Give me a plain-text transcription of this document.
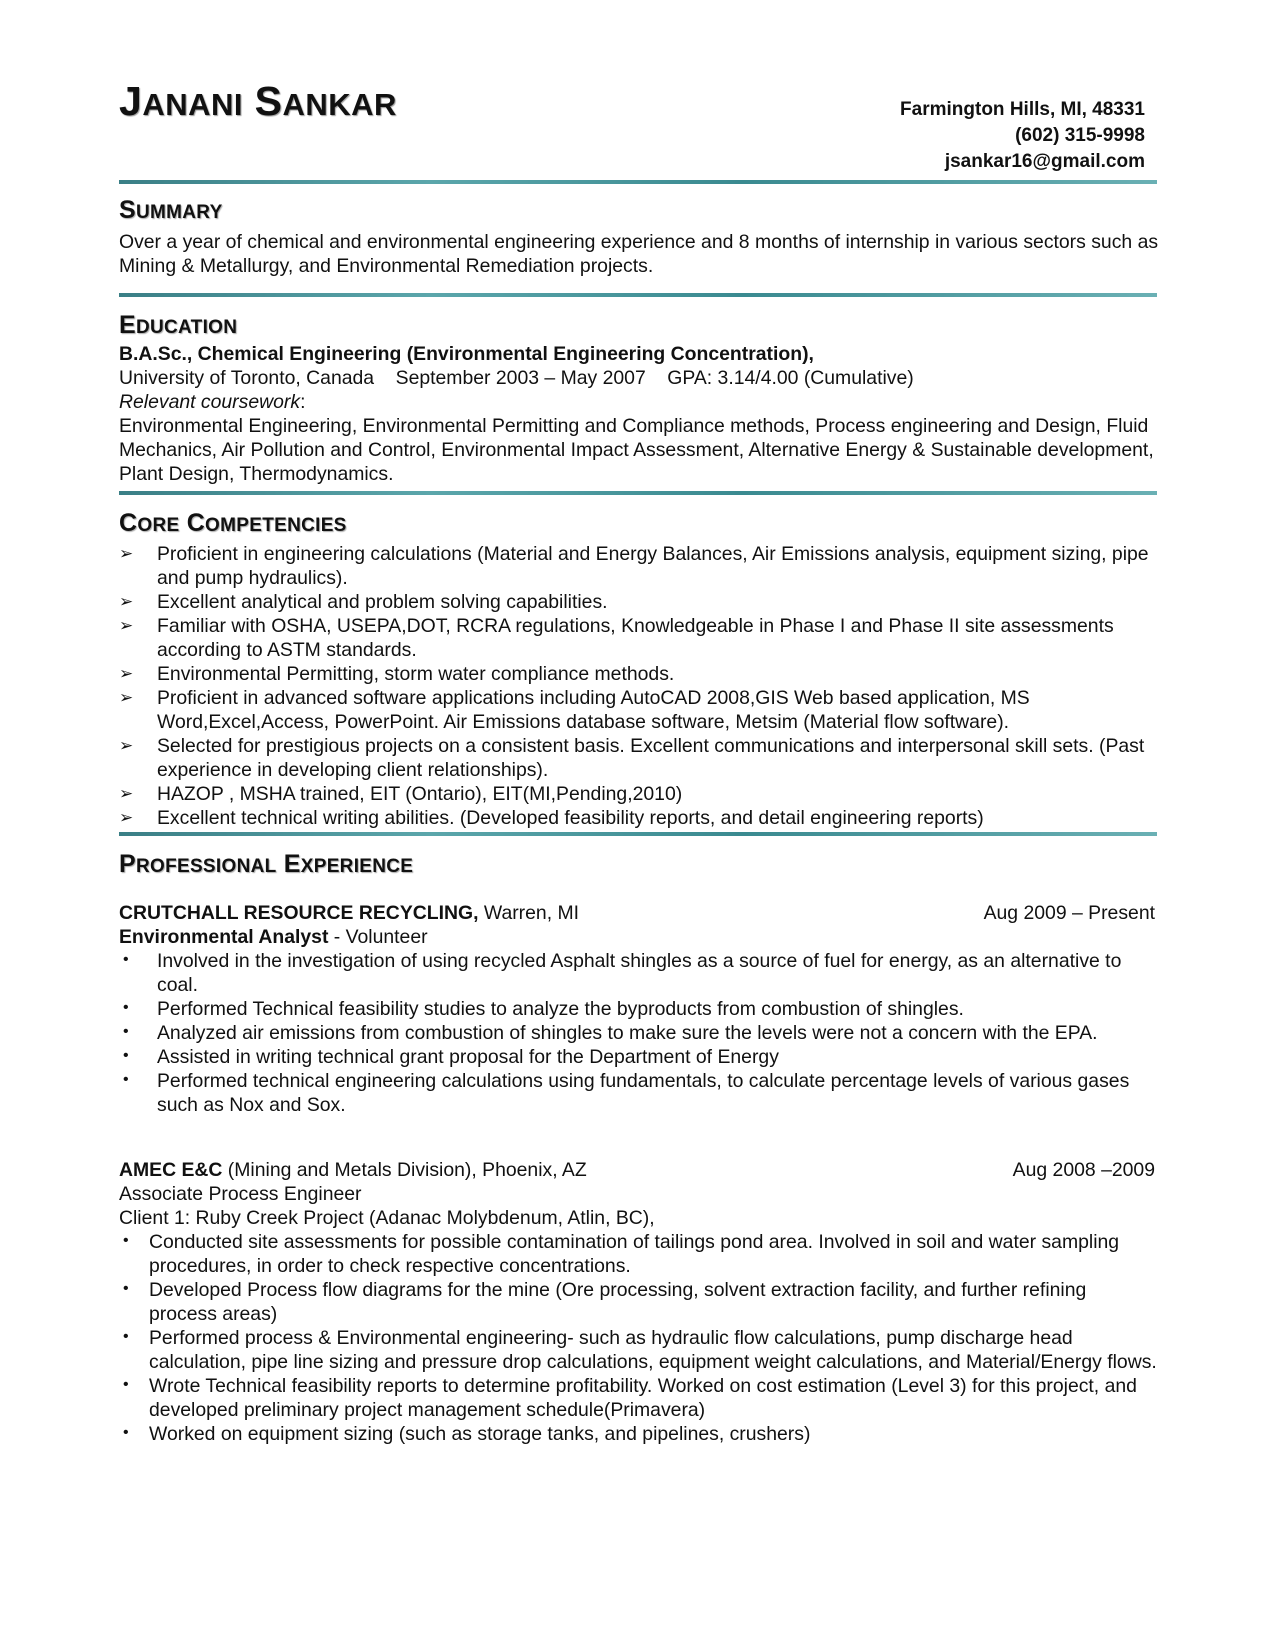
JANANI SANKAR	Farmington Hills, MI, 48331
(602) 315-9998
jsankar16@gmail.com
SUMMARY

Over a year of chemical and environmental engineering experience and 8 months of internship in various sectors such as Mining & Metallurgy, and Environmental Remediation projects.

EDUCATION

B.A.Sc., Chemical Engineering (Environmental Engineering Concentration),

University of Toronto, Canada    September 2003 – May 2007    GPA: 3.14/4.00 (Cumulative)

Relevant coursework:

Environmental Engineering, Environmental Permitting and Compliance methods, Process engineering and Design, Fluid Mechanics, Air Pollution and Control, Environmental Impact Assessment, Alternative Energy & Sustainable development, Plant Design, Thermodynamics.

CORE COMPETENCIES
➢ Proficient in engineering calculations (Material and Energy Balances, Air Emissions analysis, equipment sizing, pipe and pump hydraulics).
➢ Excellent analytical and problem solving capabilities.
➢ Familiar with OSHA, USEPA,DOT, RCRA regulations, Knowledgeable in Phase I and Phase II site assessments according to ASTM standards.
➢ Environmental Permitting, storm water compliance methods.
➢ Proficient in advanced software applications including AutoCAD 2008,GIS Web based application, MS Word,Excel,Access, PowerPoint. Air Emissions database software, Metsim (Material flow software).
➢ Selected for prestigious projects on a consistent basis. Excellent communications and interpersonal skill sets. (Past experience in developing client relationships).
➢ HAZOP , MSHA trained, EIT (Ontario), EIT(MI,Pending,2010)
➢ Excellent technical writing abilities. (Developed feasibility reports, and detail engineering reports)
PROFESSIONAL EXPERIENCE
CRUTCHALL RESOURCE RECYCLING, Warren, MI	Aug 2009 – Present

Environmental Analyst - Volunteer

• Involved in the investigation of using recycled Asphalt shingles as a source of fuel for energy, as an alternative to coal.
• Performed Technical feasibility studies to analyze the byproducts from combustion of shingles.
• Analyzed air emissions from combustion of shingles to make sure the levels were not a concern with the EPA.
• Assisted in writing technical grant proposal for the Department of Energy
• Performed technical engineering calculations using fundamentals, to calculate percentage levels of various gases such as Nox and Sox.
AMEC E&C (Mining and Metals Division), Phoenix, AZ	Aug 2008 –2009

Associate Process Engineer

Client 1: Ruby Creek Project (Adanac Molybdenum, Atlin, BC),

• Conducted site assessments for possible contamination of tailings pond area. Involved in soil and water sampling procedures, in order to check respective concentrations.
• Developed Process flow diagrams for the mine (Ore processing, solvent extraction facility, and further refining process areas)
• Performed process & Environmental engineering- such as hydraulic flow calculations, pump discharge head calculation, pipe line sizing and pressure drop calculations, equipment weight calculations, and Material/Energy flows.
• Wrote Technical feasibility reports to determine profitability. Worked on cost estimation (Level 3) for this project, and developed preliminary project management schedule(Primavera)
• Worked on equipment sizing (such as storage tanks, and pipelines, crushers)
